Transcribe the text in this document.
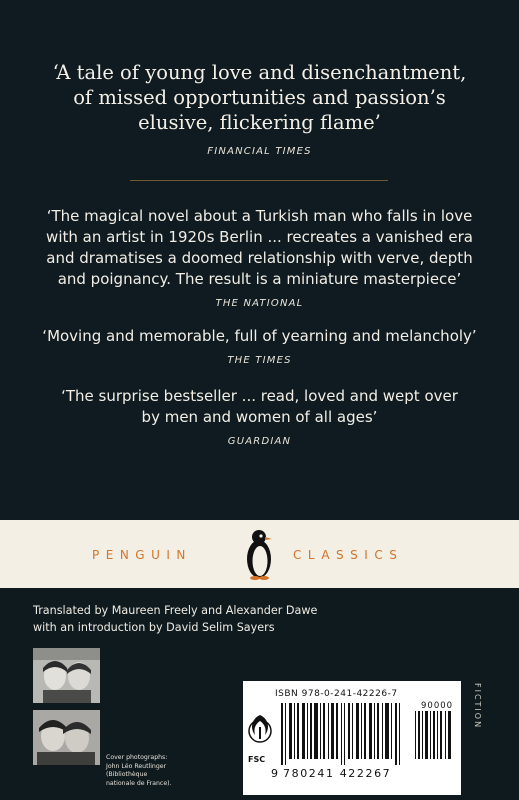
‘A tale of young love and disenchantment,
of missed opportunities and passion’s
elusive, flickering flame’
FINANCIAL TIMES
‘The magical novel about a Turkish man who falls in love
with an artist in 1920s Berlin ... recreates a vanished era
and dramatises a doomed relationship with verve, depth
and poignancy. The result is a miniature masterpiece’
THE NATIONAL
‘Moving and memorable, full of yearning and melancholy’
THE TIMES
‘The surprise bestseller ... read, loved and wept over
by men and women of all ages’
GUARDIAN
PENGUIN	CLASSICS
Translated by Maureen Freely and Alexander Dawe
with an introduction by David Selim Sayers
Cover photographs:
John Léo Reutlinger
(Bibliothèque
nationale de France).
ISBN 978-0-241-42226-7
FSC
90000
9 780241 422267
FICTION
